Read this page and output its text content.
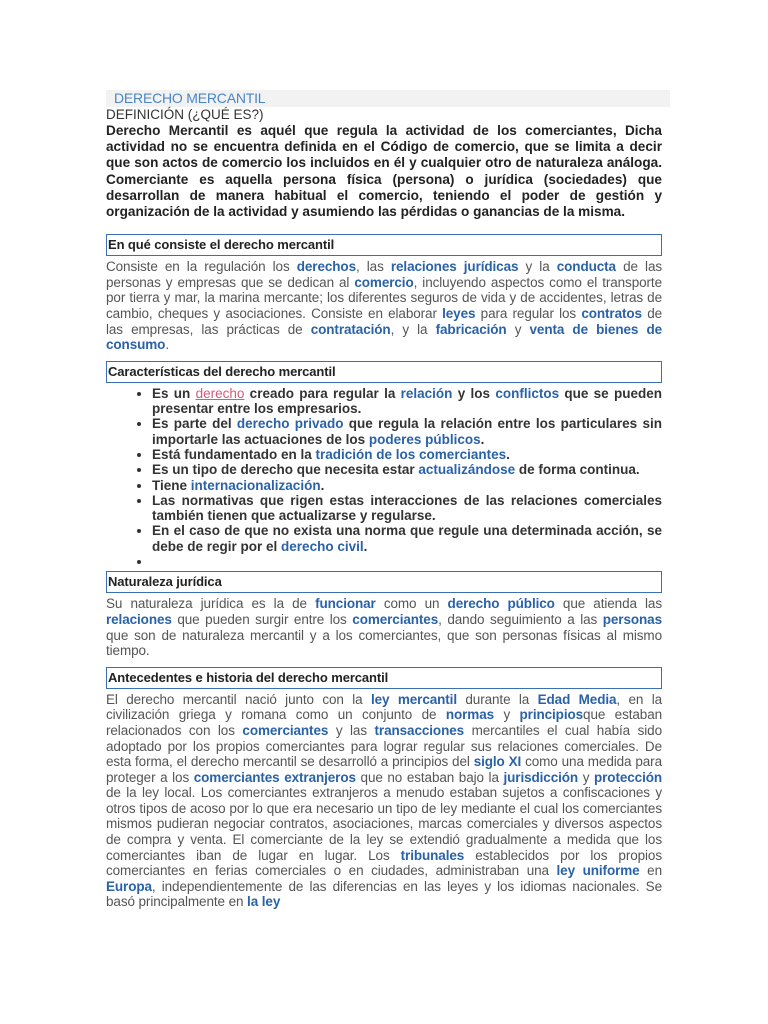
DERECHO MERCANTIL
DEFINICIÓN (¿QUÉ ES?)
Derecho Mercantil es aquél que regula la actividad de los comerciantes, Dicha actividad no se encuentra definida en el Código de comercio, que se limita a decir que son actos de comercio los incluidos en él y cualquier otro de naturaleza análoga. Comerciante es aquella persona física (persona) o jurídica (sociedades) que desarrollan de manera habitual el comercio, teniendo el poder de gestión y organización de la actividad y asumiendo las pérdidas o ganancias de la misma.
En qué consiste el derecho mercantil
Consiste en la regulación los derechos, las relaciones jurídicas y la conducta de las personas y empresas que se dedican al comercio, incluyendo aspectos como el transporte por tierra y mar, la marina mercante; los diferentes seguros de vida y de accidentes, letras de cambio, cheques y asociaciones. Consiste en elaborar leyes para regular los contratos de las empresas, las prácticas de contratación, y la fabricación y venta de bienes de consumo.
Características del derecho mercantil
• Es un derecho creado para regular la relación y los conflictos que se pueden presentar entre los empresarios.
• Es parte del derecho privado que regula la relación entre los particulares sin importarle las actuaciones de los poderes públicos.
• Está fundamentado en la tradición de los comerciantes.
• Es un tipo de derecho que necesita estar actualizándose de forma continua.
• Tiene internacionalización.
• Las normativas que rigen estas interacciones de las relaciones comerciales también tienen que actualizarse y regularse.
• En el caso de que no exista una norma que regule una determinada acción, se debe de regir por el derecho civil.
•
Naturaleza jurídica
Su naturaleza jurídica es la de funcionar como un derecho público que atienda las relaciones que pueden surgir entre los comerciantes, dando seguimiento a las personas que son de naturaleza mercantil y a los comerciantes, que son personas físicas al mismo tiempo.
Antecedentes e historia del derecho mercantil
El derecho mercantil nació junto con la ley mercantil durante la Edad Media, en la civilización griega y romana como un conjunto de normas y principiosque estaban relacionados con los comerciantes y las transacciones mercantiles el cual había sido adoptado por los propios comerciantes para lograr regular sus relaciones comerciales. De esta forma, el derecho mercantil se desarrolló a principios del siglo XI como una medida para proteger a los comerciantes extranjeros que no estaban bajo la jurisdicción y protección de la ley local. Los comerciantes extranjeros a menudo estaban sujetos a confiscaciones y otros tipos de acoso por lo que era necesario un tipo de ley mediante el cual los comerciantes mismos pudieran negociar contratos, asociaciones, marcas comerciales y diversos aspectos de compra y venta. El comerciante de la ley se extendió gradualmente a medida que los comerciantes iban de lugar en lugar. Los tribunales establecidos por los propios comerciantes en ferias comerciales o en ciudades, administraban una ley uniforme en Europa, independientemente de las diferencias en las leyes y los idiomas nacionales. Se basó principalmente en la ley
